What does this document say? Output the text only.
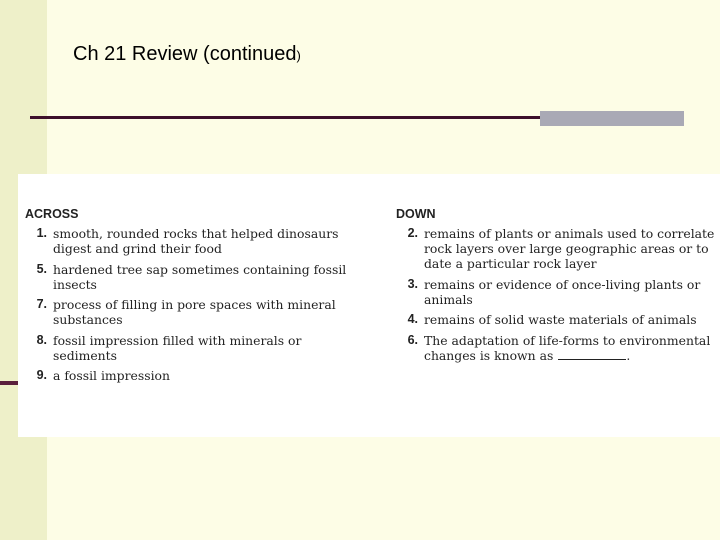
Ch 21 Review (continued)
ACROSS
1. smooth, rounded rocks that helped dinosaurs digest and grind their food
5. hardened tree sap sometimes containing fossil insects
7. process of filling in pore spaces with mineral substances
8. fossil impression filled with minerals or sediments
9. a fossil impression
DOWN
2. remains of plants or animals used to correlate rock layers over large geographic areas or to date a particular rock layer
3. remains or evidence of once-living plants or animals
4. remains of solid waste materials of animals
6. The adaptation of life-forms to environmental changes is known as	.
